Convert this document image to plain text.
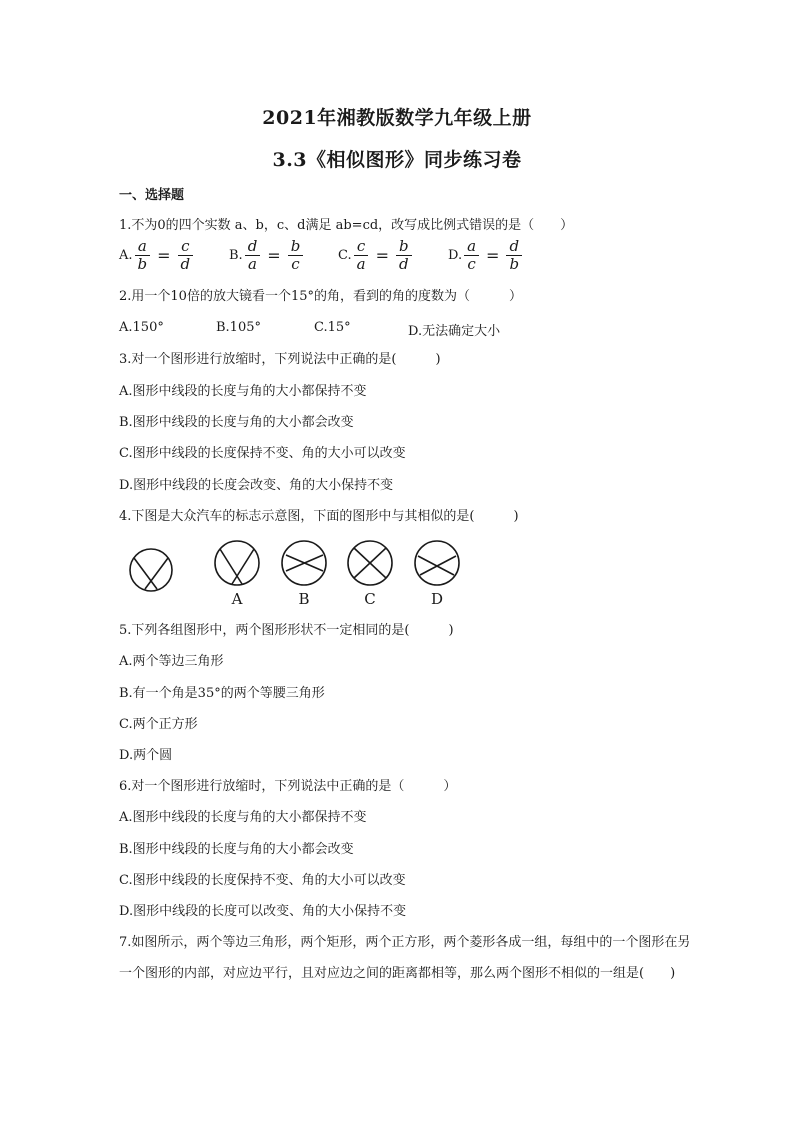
2021年湘教版数学九年级上册
3.3《相似图形》同步练习卷
一、选择题
1.不为0的四个实数 a、b，c、d满足 ab=cd，改写成比例式错误的是（　　）
A. $\frac{a}{b} = \frac{c}{d}$	B. $\frac{d}{a} = \frac{b}{c}$	C. $\frac{c}{a} = \frac{b}{d}$	D. $\frac{a}{c} = \frac{d}{b}$
2.用一个10倍的放大镜看一个15°的角，看到的角的度数为（　　　）
A.150°	B.105°	C.15°	D.无法确定大小
3.对一个图形进行放缩时，下列说法中正确的是(　　　)
A.图形中线段的长度与角的大小都保持不变
B.图形中线段的长度与角的大小都会改变
C.图形中线段的长度保持不变、角的大小可以改变
D.图形中线段的长度会改变、角的大小保持不变
4.下图是大众汽车的标志示意图，下面的图形中与其相似的是(　　　)
A	B	C	D
5.下列各组图形中，两个图形形状不一定相同的是(　　　)
A.两个等边三角形
B.有一个角是35°的两个等腰三角形
C.两个正方形
D.两个圆
6.对一个图形进行放缩时，下列说法中正确的是（　　　）
A.图形中线段的长度与角的大小都保持不变
B.图形中线段的长度与角的大小都会改变
C.图形中线段的长度保持不变、角的大小可以改变
D.图形中线段的长度可以改变、角的大小保持不变
7.如图所示，两个等边三角形，两个矩形，两个正方形，两个菱形各成一组，每组中的一个图形在另一个图形的内部，对应边平行，且对应边之间的距离都相等，那么两个图形不相似的一组是(　　)
